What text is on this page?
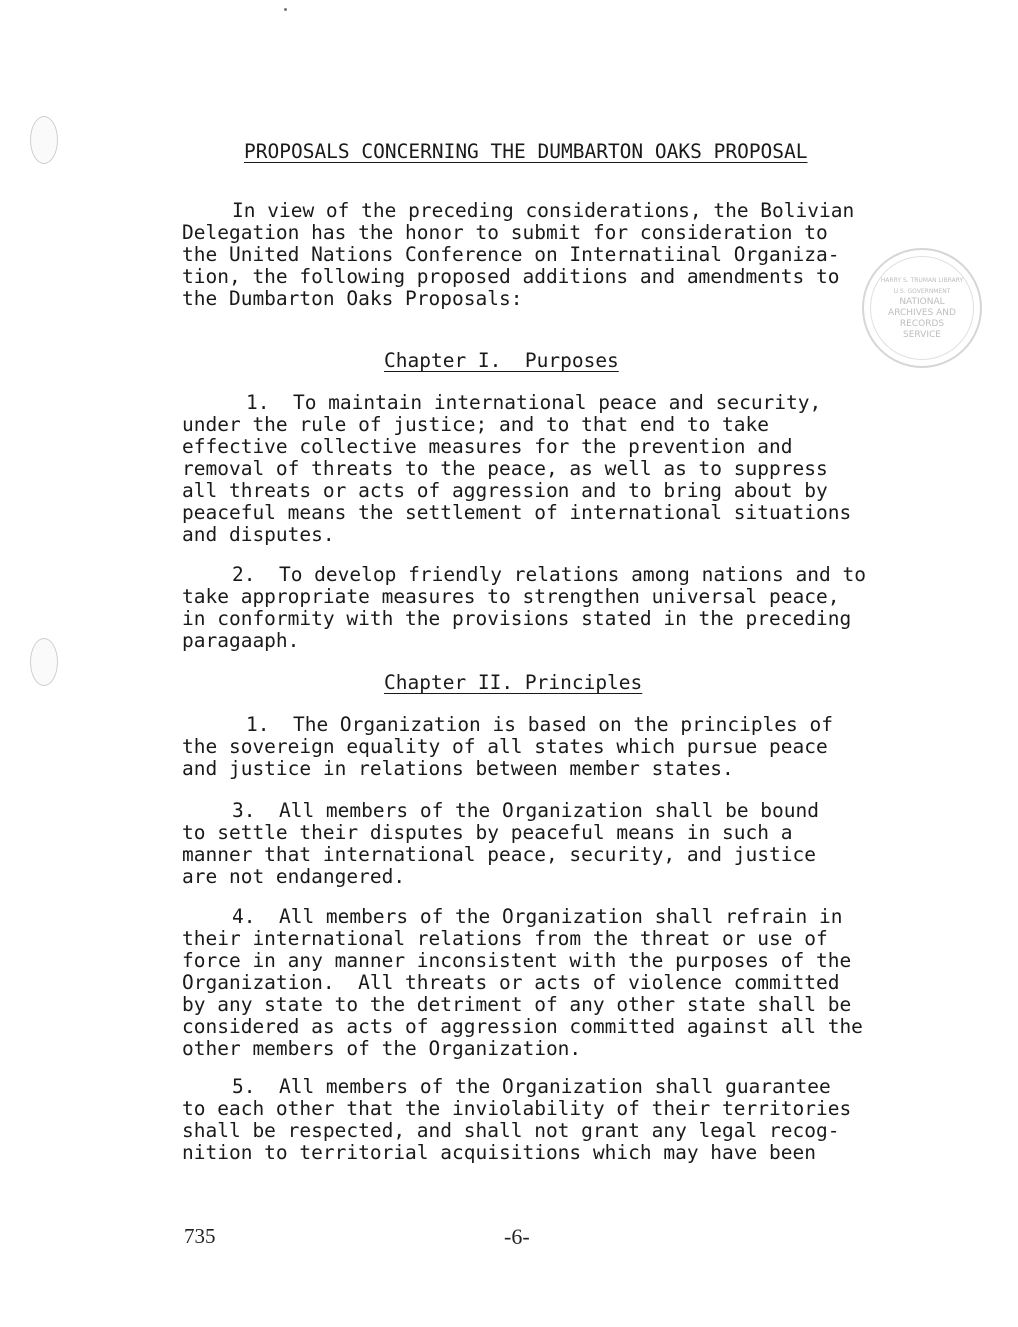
PROPOSALS CONCERNING THE DUMBARTON OAKS PROPOSAL
In view of the preceding considerations, the Bolivian
Delegation has the honor to submit for consideration to
the United Nations Conference on Internatiinal Organiza-
tion, the following proposed additions and amendments to
the Dumbarton Oaks Proposals:
HARRY S. TRUMAN LIBRARY U.S. GOVERNMENT
NATIONAL ARCHIVES AND RECORDS SERVICE
Chapter I.  Purposes
1.  To maintain international peace and security,
under the rule of justice; and to that end to take
effective collective measures for the prevention and
removal of threats to the peace, as well as to suppress
all threats or acts of aggression and to bring about by
peaceful means the settlement of international situations
and disputes.
2.  To develop friendly relations among nations and to
take appropriate measures to strengthen universal peace,
in conformity with the provisions stated in the preceding
paragaaph.
Chapter II. Principles
1.  The Organization is based on the principles of
the sovereign equality of all states which pursue peace
and justice in relations between member states.
3.  All members of the Organization shall be bound
to settle their disputes by peaceful means in such a
manner that international peace, security, and justice
are not endangered.
4.  All members of the Organization shall refrain in
their international relations from the threat or use of
force in any manner inconsistent with the purposes of the
Organization.  All threats or acts of violence committed
by any state to the detriment of any other state shall be
considered as acts of aggression committed against all the
other members of the Organization.
5.  All members of the Organization shall guarantee
to each other that the inviolability of their territories
shall be respected, and shall not grant any legal recog-
nition to territorial acquisitions which may have been
735	-6-
